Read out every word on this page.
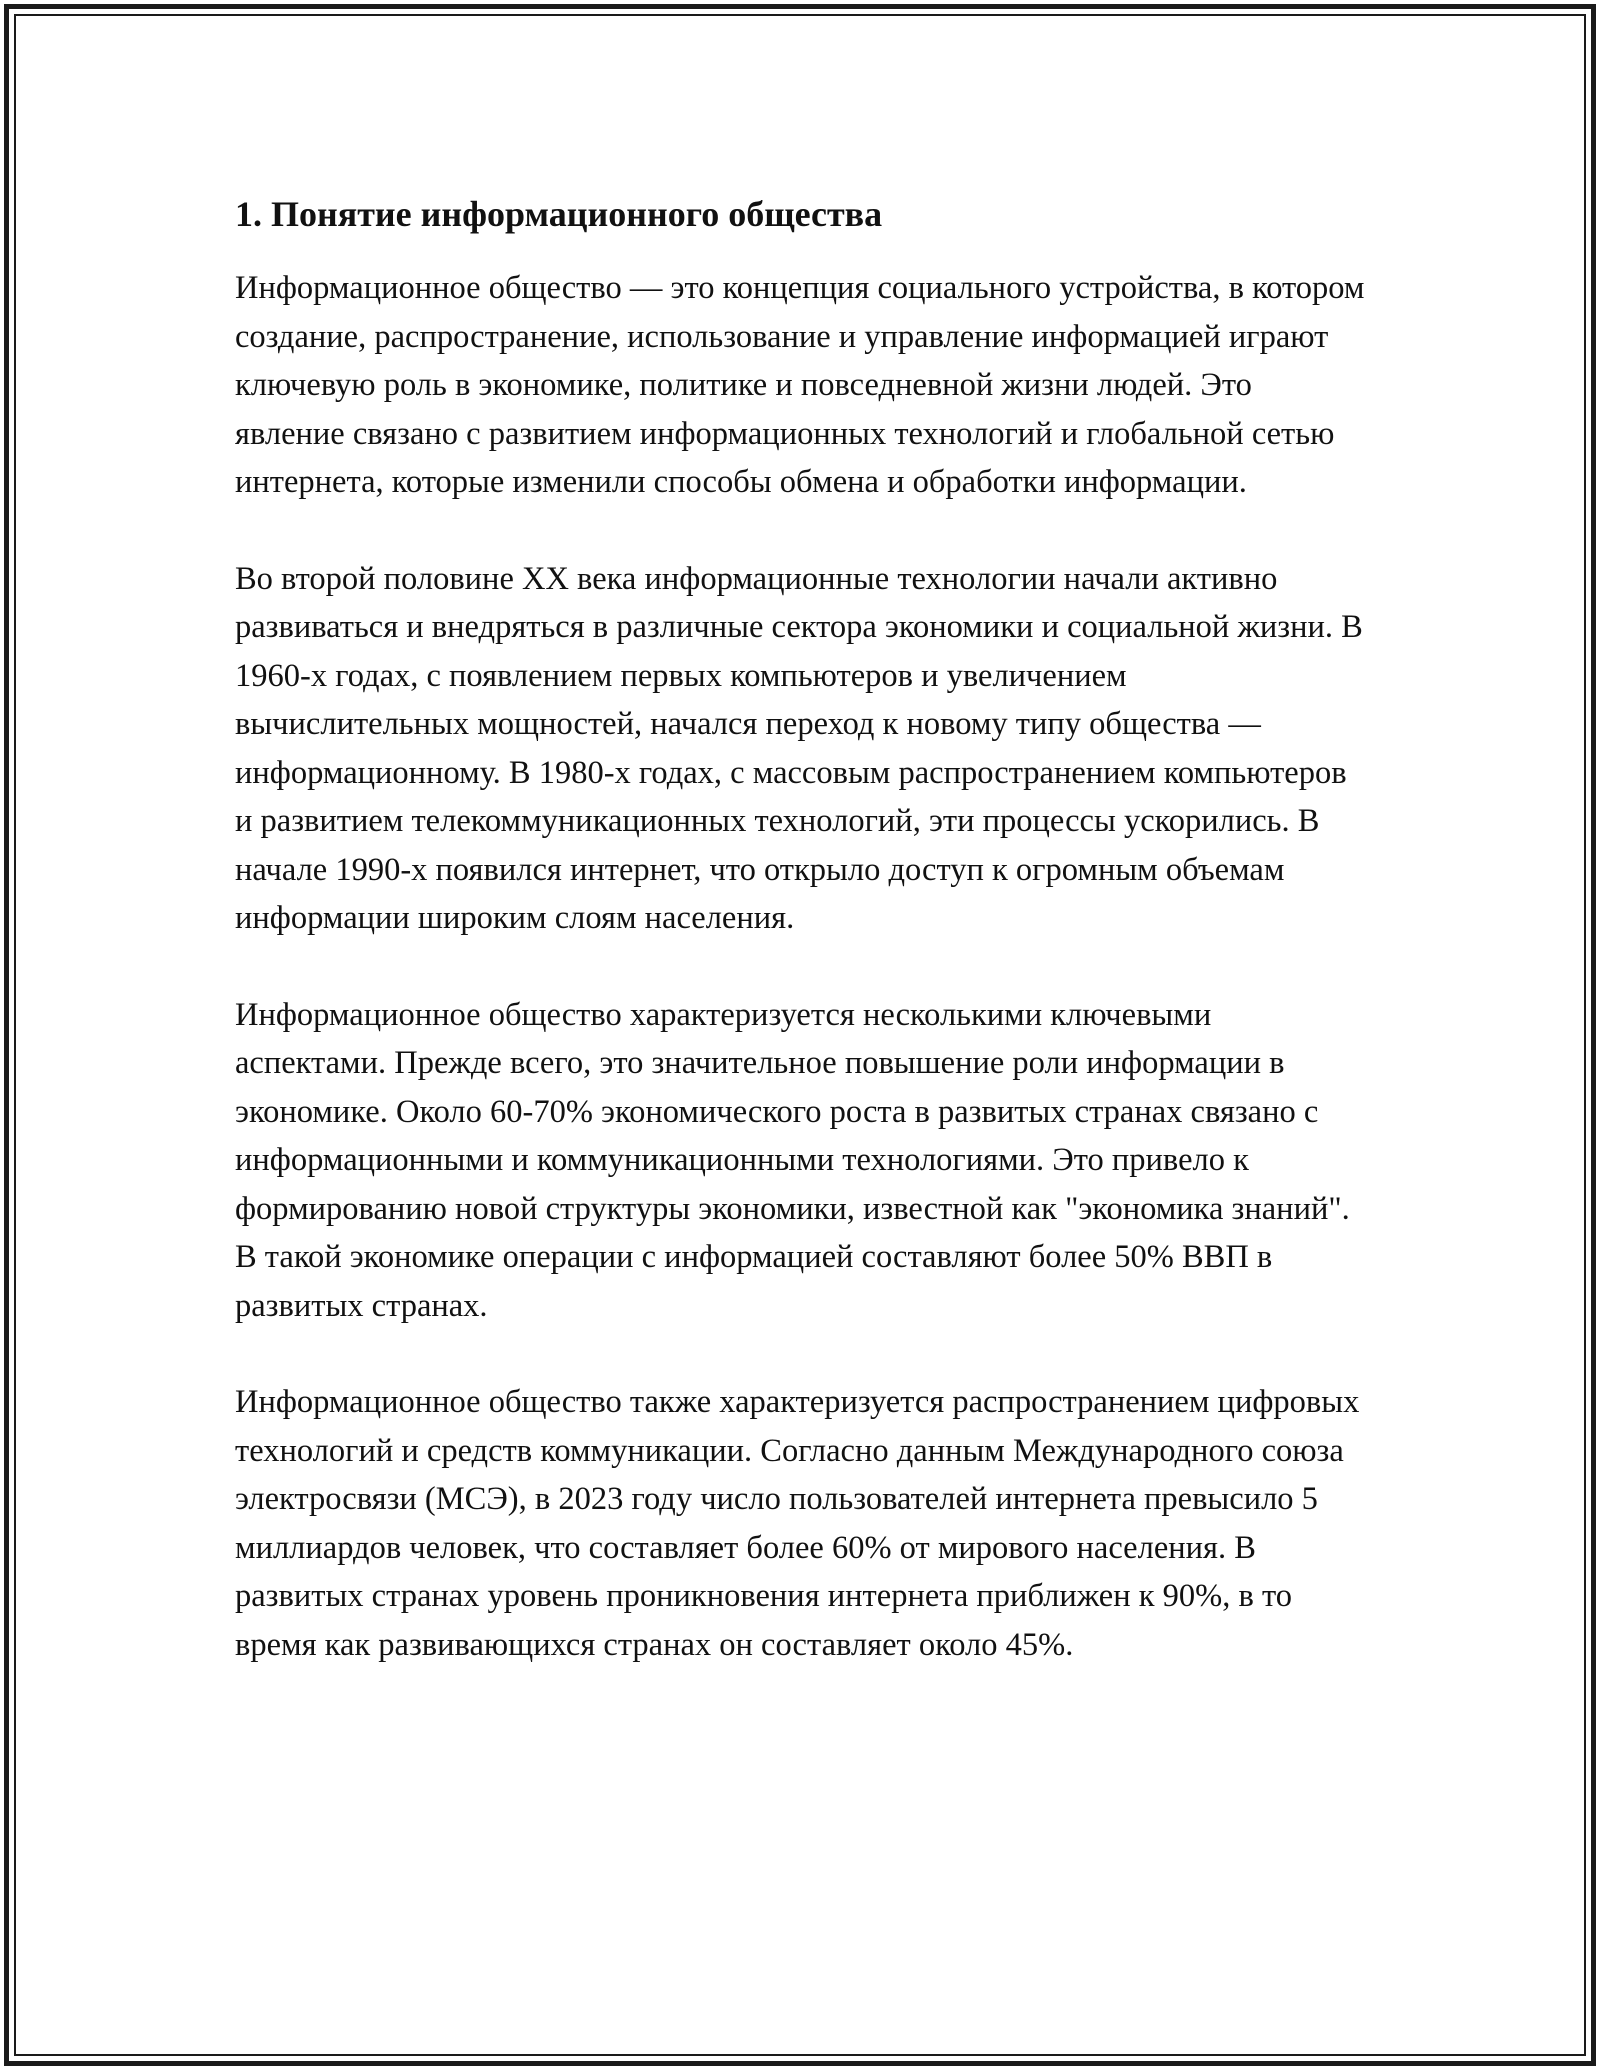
1. Понятие информационного общества

Информационное общество — это концепция социального устройства, в котором создание, распространение, использование и управление информацией играют ключевую роль в экономике, политике и повседневной жизни людей. Это явление связано с развитием информационных технологий и глобальной сетью интернета, которые изменили способы обмена и обработки информации.

Во второй половине XX века информационные технологии начали активно развиваться и внедряться в различные сектора экономики и социальной жизни. В 1960-х годах, с появлением первых компьютеров и увеличением вычислительных мощностей, начался переход к новому типу общества — информационному. В 1980-х годах, с массовым распространением компьютеров и развитием телекоммуникационных технологий, эти процессы ускорились. В начале 1990-х появился интернет, что открыло доступ к огромным объемам информации широким слоям населения.

Информационное общество характеризуется несколькими ключевыми аспектами. Прежде всего, это значительное повышение роли информации в экономике. Около 60-70% экономического роста в развитых странах связано с информационными и коммуникационными технологиями. Это привело к формированию новой структуры экономики, известной как "экономика знаний". В такой экономике операции с информацией составляют более 50% ВВП в развитых странах.

Информационное общество также характеризуется распространением цифровых технологий и средств коммуникации. Согласно данным Международного союза электросвязи (МСЭ), в 2023 году число пользователей интернета превысило 5 миллиардов человек, что составляет более 60% от мирового населения. В развитых странах уровень проникновения интернета приближен к 90%, в то время как развивающихся странах он составляет около 45%.
